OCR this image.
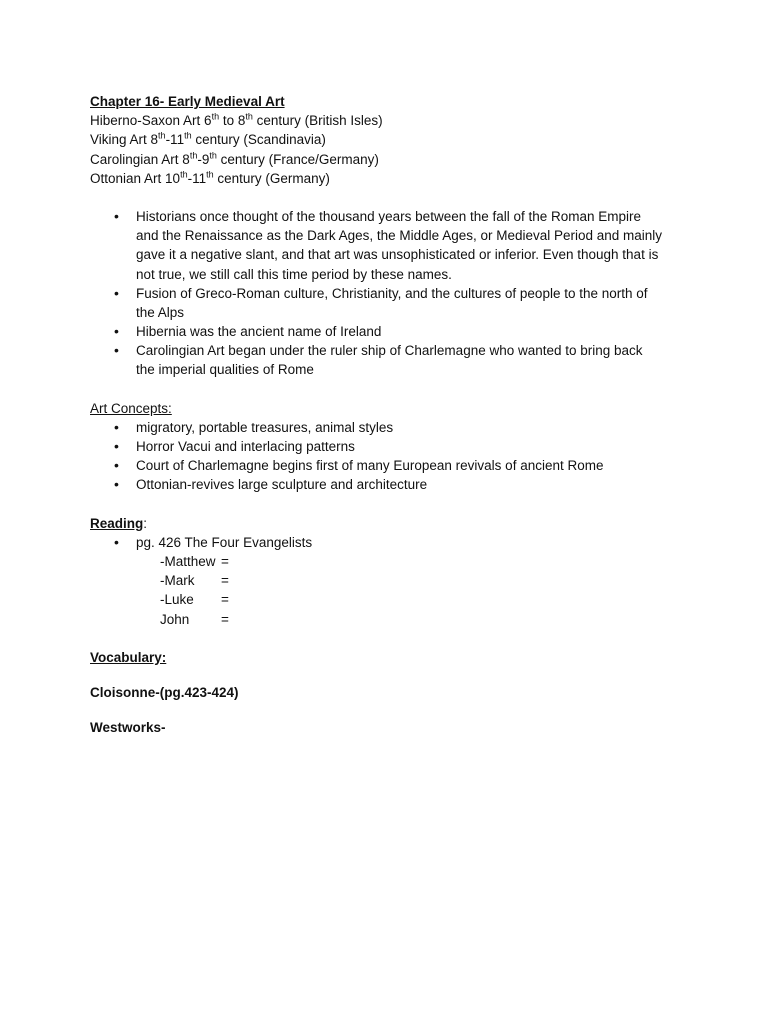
Chapter 16- Early Medieval Art
Hiberno-Saxon Art 6th to 8th century (British Isles)
Viking Art 8th-11th century (Scandinavia)
Carolingian Art 8th-9th century (France/Germany)
Ottonian Art 10th-11th century (Germany)
• Historians once thought of the thousand years between the fall of the Roman Empire
and the Renaissance as the Dark Ages, the Middle Ages, or Medieval Period and mainly
gave it a negative slant, and that art was unsophisticated or inferior. Even though that is
not true, we still call this time period by these names.
• Fusion of Greco-Roman culture, Christianity, and the cultures of people to the north of
the Alps
• Hibernia was the ancient name of Ireland
• Carolingian Art began under the ruler ship of Charlemagne who wanted to bring back
the imperial qualities of Rome
Art Concepts:
• migratory, portable treasures, animal styles
• Horror Vacui and interlacing patterns
• Court of Charlemagne begins first of many European revivals of ancient Rome
• Ottonian-revives large sculpture and architecture
Reading:
• pg. 426 The Four Evangelists
-Matthew =
-Mark =
-Luke =
John =
Vocabulary:
Cloisonne-(pg.423-424)
Westworks-
